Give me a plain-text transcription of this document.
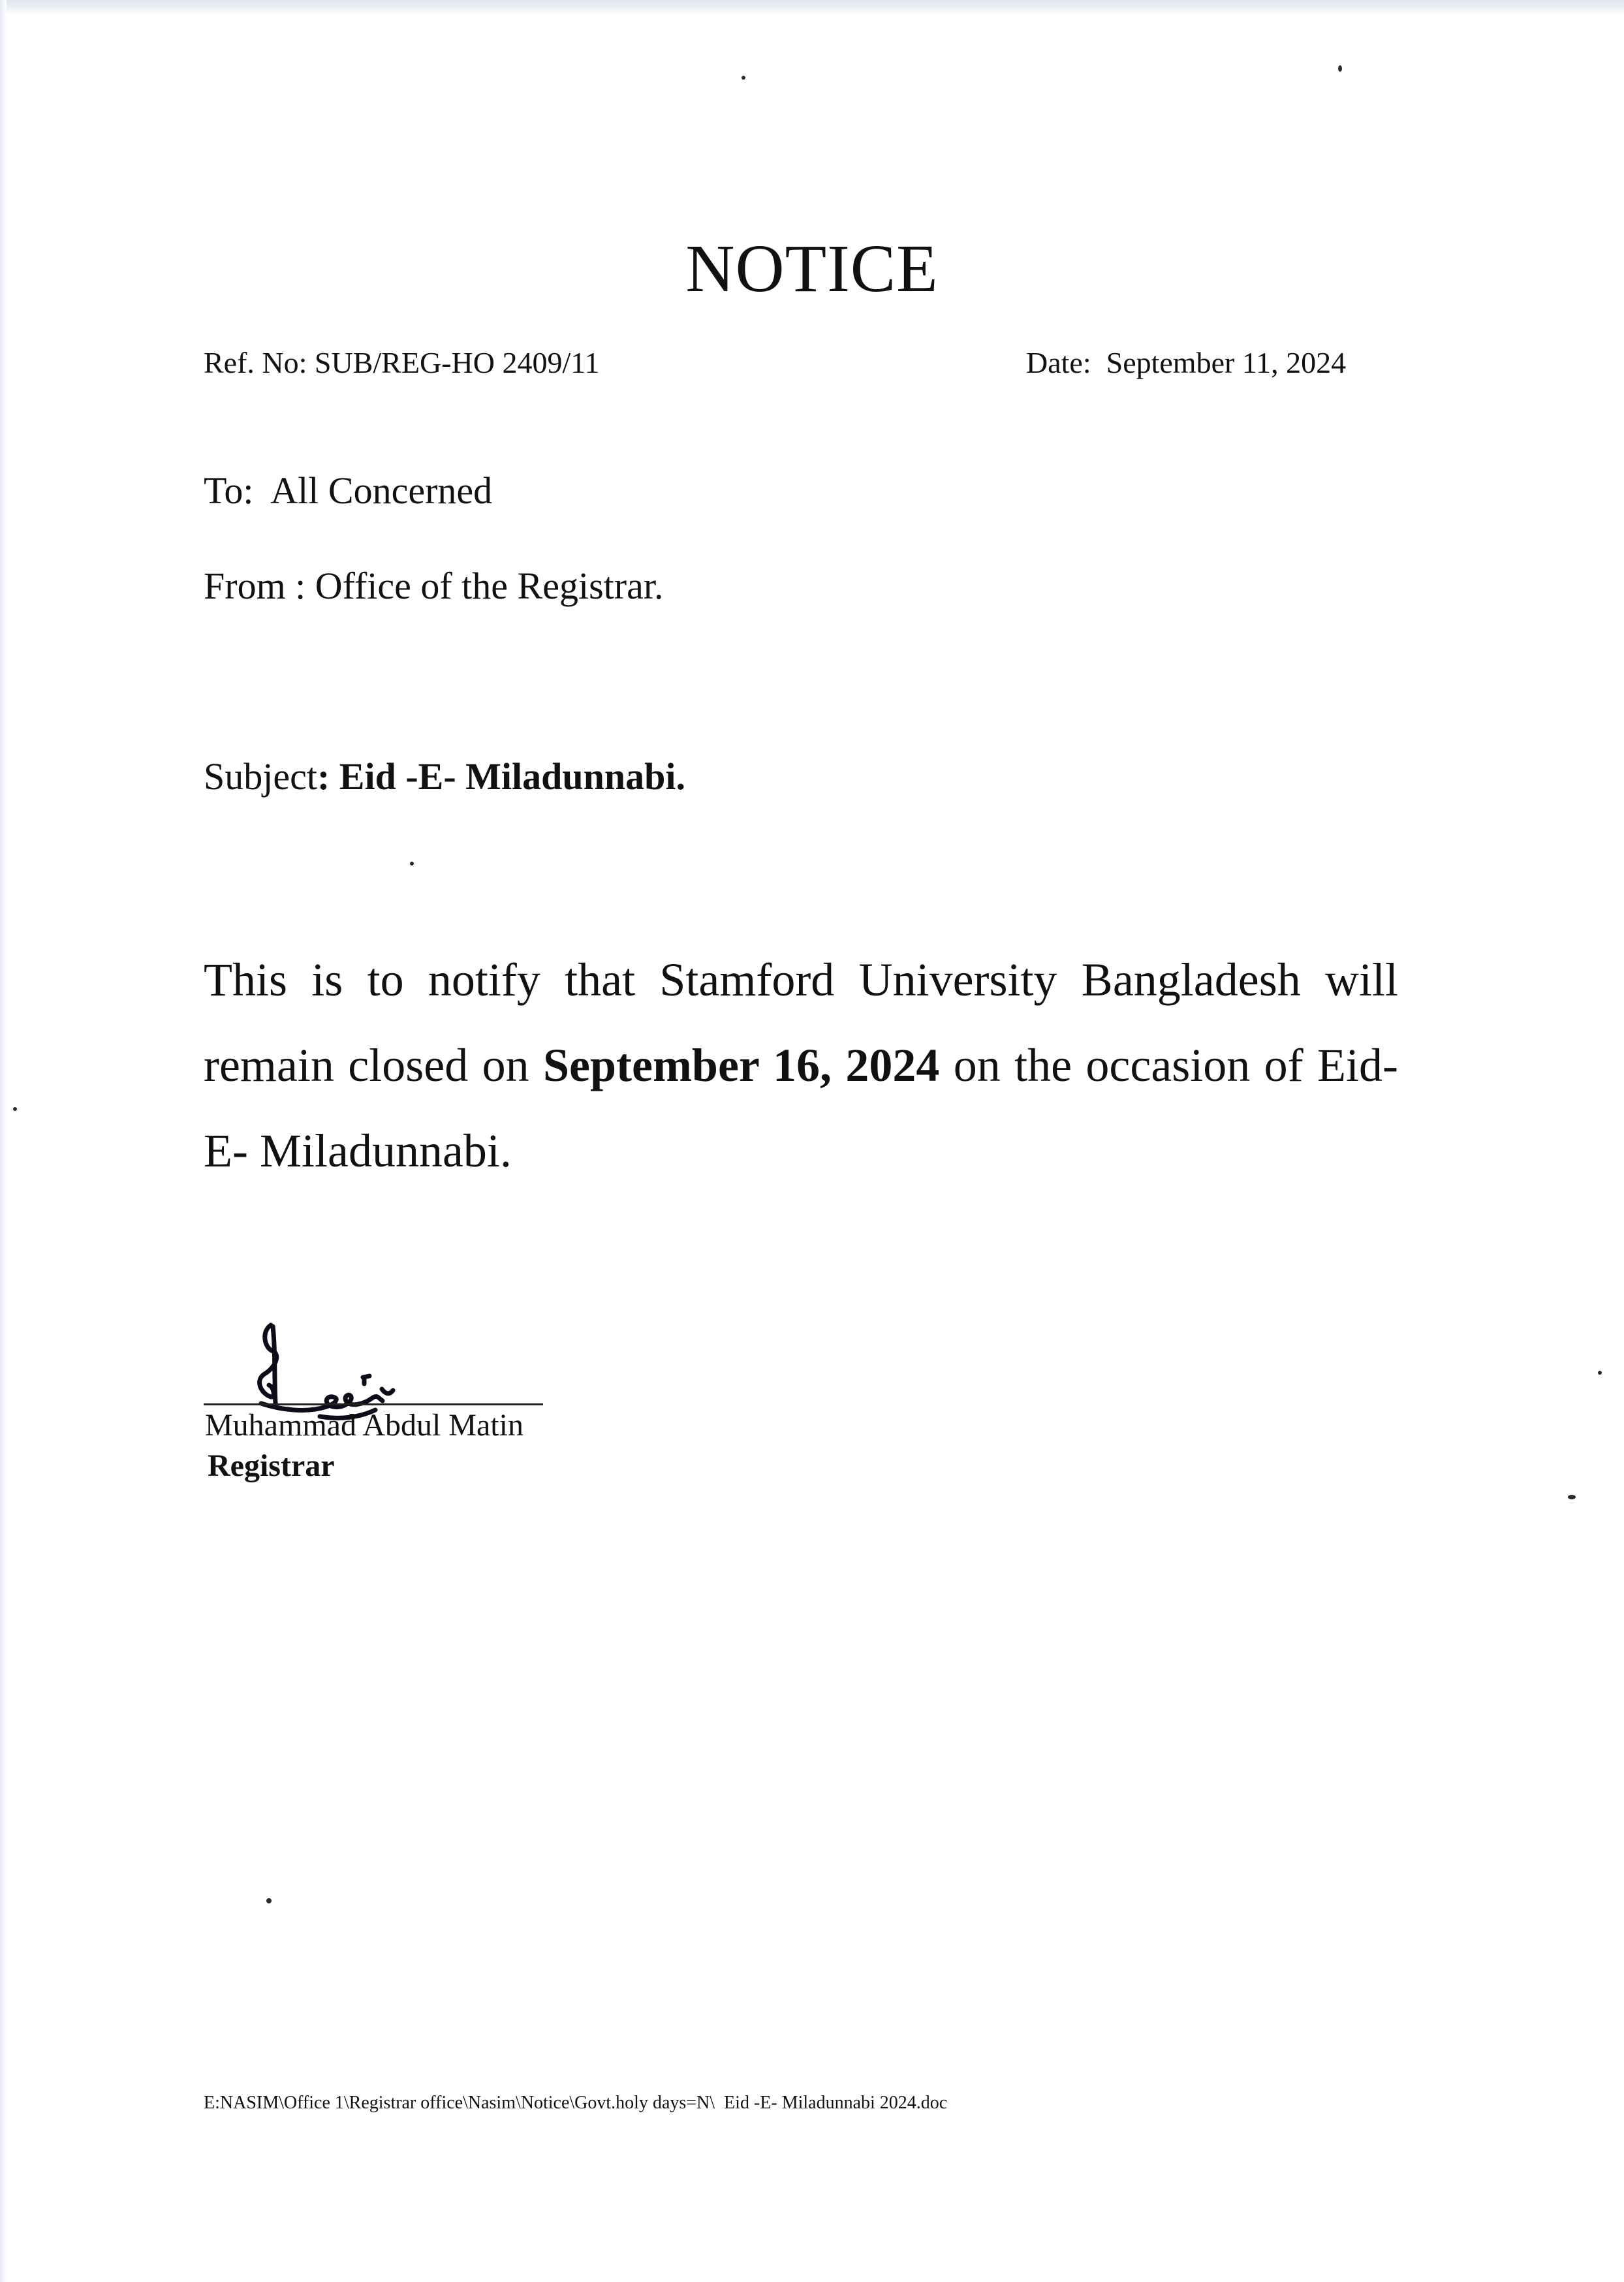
NOTICE
Ref. No: SUB/REG-HO 2409/11	Date:  September 11, 2024
To:  All Concerned
From : Office of the Registrar.
Subject: Eid -E- Miladunnabi.
This is to notify that Stamford University Bangladesh will remain closed on September 16, 2024 on the occasion of Eid- E- Miladunnabi.
Muhammad Abdul Matin
Registrar
E:NASIM\Office 1\Registrar office\Nasim\Notice\Govt.holy days=N\  Eid -E- Miladunnabi 2024.doc
